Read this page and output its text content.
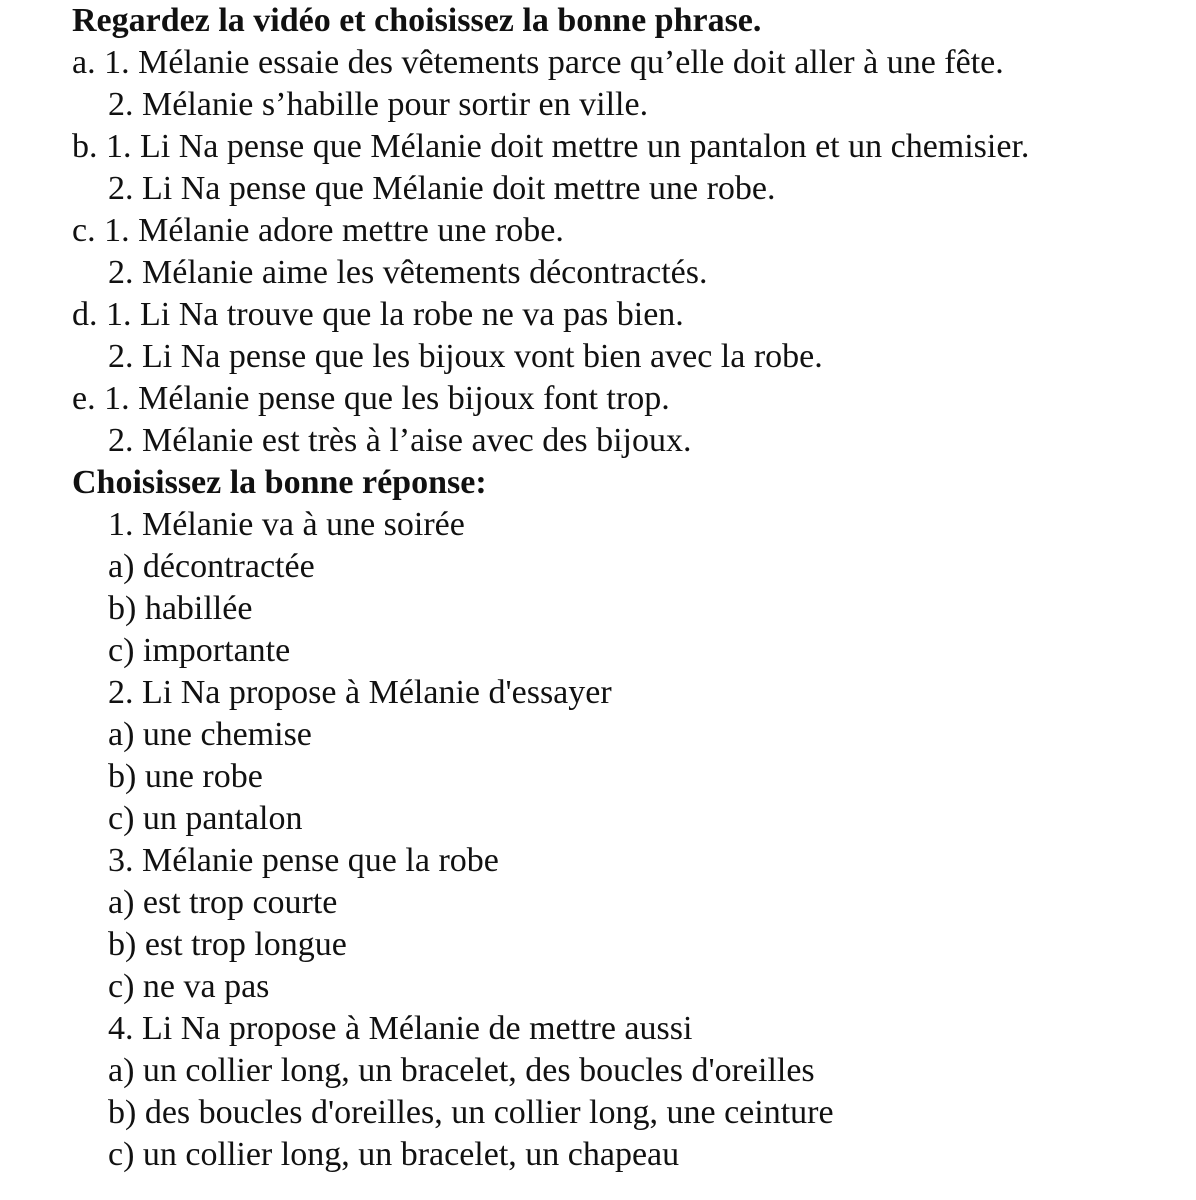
Regardez la vidéo et choisissez la bonne phrase.
a. 1. Mélanie essaie des vêtements parce qu’elle doit aller à une fête.
2. Mélanie s’habille pour sortir en ville.
b. 1. Li Na pense que Mélanie doit mettre un pantalon et un chemisier.
2. Li Na pense que Mélanie doit mettre une robe.
c. 1. Mélanie adore mettre une robe.
2. Mélanie aime les vêtements décontractés.
d. 1. Li Na trouve que la robe ne va pas bien.
2. Li Na pense que les bijoux vont bien avec la robe.
e. 1. Mélanie pense que les bijoux font trop.
2. Mélanie est très à l’aise avec des bijoux.
Choisissez la bonne réponse:
1. Mélanie va à une soirée
a) décontractée
b) habillée
c) importante
2. Li Na propose à Mélanie d'essayer
a) une chemise
b) une robe
c) un pantalon
3. Mélanie pense que la robe
a) est trop courte
b) est trop longue
c) ne va pas
4. Li Na propose à Mélanie de mettre aussi
a) un collier long, un bracelet, des boucles d'oreilles
b) des boucles d'oreilles, un collier long, une ceinture
c) un collier long, un bracelet, un chapeau
